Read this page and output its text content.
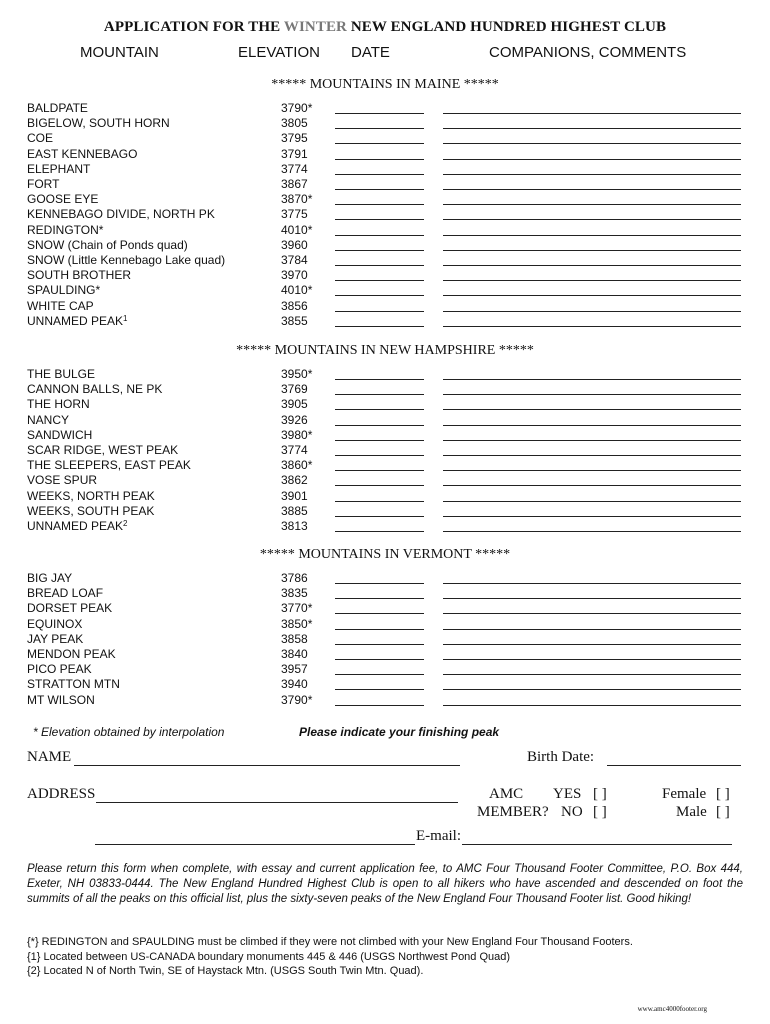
APPLICATION FOR THE WINTER NEW ENGLAND HUNDRED HIGHEST CLUB
MOUNTAIN	ELEVATION DATE	COMPANIONS, COMMENTS
***** MOUNTAINS IN MAINE *****
***** MOUNTAINS IN NEW HAMPSHIRE *****
***** MOUNTAINS IN VERMONT *****
BALDPATE	3790*
BIGELOW, SOUTH HORN	3805
COE	3795
EAST KENNEBAGO	3791
ELEPHANT	3774
FORT	3867
GOOSE EYE	3870*
KENNEBAGO DIVIDE, NORTH PK	3775
REDINGTON*	4010*
SNOW (Chain of Ponds quad)	3960
SNOW (Little Kennebago Lake quad)	3784
SOUTH BROTHER	3970
SPAULDING*	4010*
WHITE CAP	3856
UNNAMED PEAK$^1$	3855
THE BULGE	3950*
CANNON BALLS, NE PK	3769
THE HORN	3905
NANCY	3926
SANDWICH	3980*
SCAR RIDGE, WEST PEAK	3774
THE SLEEPERS, EAST PEAK	3860*
VOSE SPUR	3862
WEEKS, NORTH PEAK	3901
WEEKS, SOUTH PEAK	3885
UNNAMED PEAK$^2$	3813
BIG JAY	3786
BREAD LOAF	3835
DORSET PEAK	3770*
EQUINOX	3850*
JAY PEAK	3858
MENDON PEAK	3840
PICO PEAK	3957
STRATTON MTN	3940
MT WILSON	3790*
* Elevation obtained by interpolation	Please indicate your finishing peak
NAME	Birth Date:
ADDRESS	AMC YES [ ]
MEMBER? NO [ ]
Female [ ]
Male [ ]
E-mail:
Please return this form when complete, with essay and current application fee, to AMC Four Thousand Footer Committee, P.O. Box 444, Exeter, NH 03833-0444. The New England Hundred Highest Club is open to all hikers who have ascended and descended on foot the summits of all the peaks on this official list, plus the sixty-seven peaks of the New England Four Thousand Footer list. Good hiking!
{*} REDINGTON and SPAULDING must be climbed if they were not climbed with your New England Four Thousand Footers.
{1} Located between US-CANADA boundary monuments 445 & 446 (USGS Northwest Pond Quad)
{2} Located N of North Twin, SE of Haystack Mtn. (USGS South Twin Mtn. Quad).
www.amc4000footer.org
